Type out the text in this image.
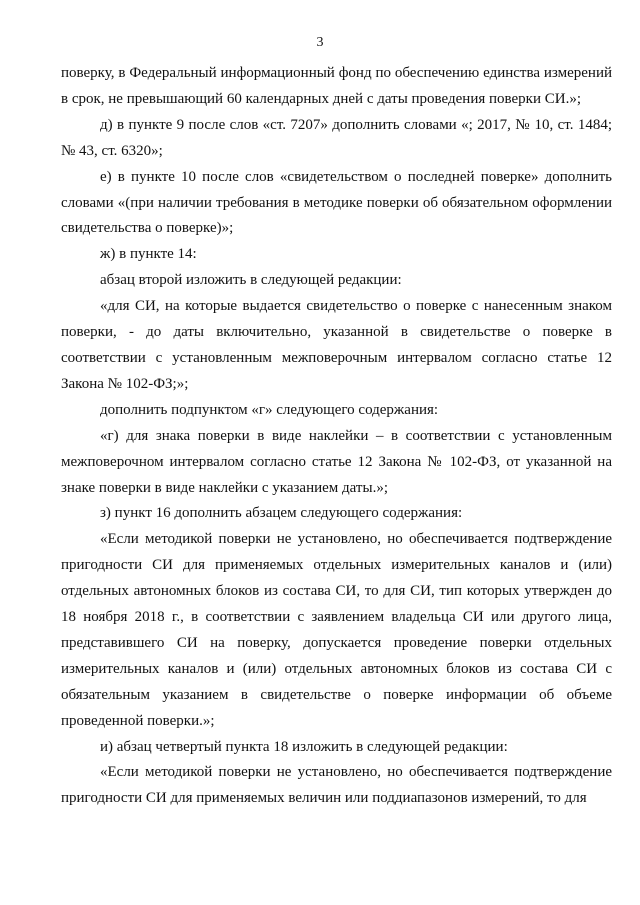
3

поверку, в Федеральный информационный фонд по обеспечению единства измерений в срок, не превышающий 60 календарных дней с даты проведения поверки СИ.»;

д) в пункте 9 после слов «ст. 7207» дополнить словами «; 2017, № 10, ст. 1484; № 43, ст. 6320»;

е) в пункте 10 после слов «свидетельством о последней поверке» дополнить словами «(при наличии требования в методике поверки об обязательном оформлении свидетельства о поверке)»;

ж) в пункте 14:

абзац второй изложить в следующей редакции:

«для СИ, на которые выдается свидетельство о поверке с нанесенным знаком поверки, - до даты включительно, указанной в свидетельстве о поверке в соответствии с установленным межповерочным интервалом согласно статье 12 Закона № 102-ФЗ;»;

дополнить подпунктом «г» следующего содержания:

«г) для знака поверки в виде наклейки – в соответствии с установленным межповерочном интервалом согласно статье 12 Закона № 102-ФЗ, от указанной на знаке поверки в виде наклейки с указанием даты.»;

з) пункт 16 дополнить абзацем следующего содержания:

«Если методикой поверки не установлено, но обеспечивается подтверждение пригодности СИ для применяемых отдельных измерительных каналов и (или) отдельных автономных блоков из состава СИ, то для СИ, тип которых утвержден до 18 ноября 2018 г., в соответствии с заявлением владельца СИ или другого лица, представившего СИ на поверку, допускается проведение поверки отдельных измерительных каналов и (или) отдельных автономных блоков из состава СИ с обязательным указанием в свидетельстве о поверке информации об объеме проведенной поверки.»;

и) абзац четвертый пункта 18 изложить в следующей редакции:

«Если методикой поверки не установлено, но обеспечивается подтверждение пригодности СИ для применяемых величин или поддиапазонов измерений, то для
